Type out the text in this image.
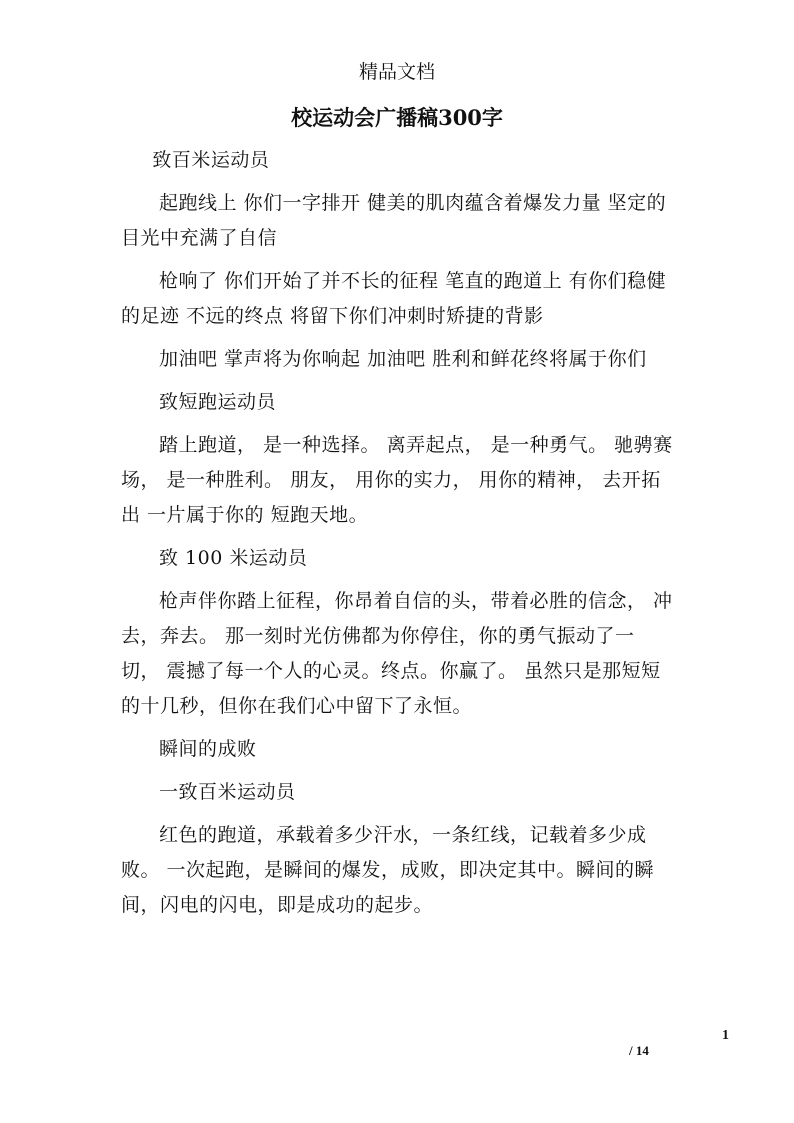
精品文档
校运动会广播稿300字

致百米运动员

起跑线上 你们一字排开 健美的肌肉蕴含着爆发力量 坚定的目光中充满了自信

枪响了 你们开始了并不长的征程 笔直的跑道上 有你们稳健的足迹 不远的终点 将留下你们冲刺时矫捷的背影

加油吧 掌声将为你响起 加油吧 胜利和鲜花终将属于你们

致短跑运动员

踏上跑道， 是一种选择。 离弄起点， 是一种勇气。 驰骋赛场， 是一种胜利。 朋友， 用你的实力， 用你的精神， 去开拓出 一片属于你的 短跑天地。

致 100 米运动员

枪声伴你踏上征程，你昂着自信的头，带着必胜的信念， 冲去，奔去。 那一刻时光仿佛都为你停住，你的勇气振动了一切， 震撼了每一个人的心灵。终点。你赢了。 虽然只是那短短的十几秒，但你在我们心中留下了永恒。

瞬间的成败

一致百米运动员

红色的跑道，承载着多少汗水，一条红线，记载着多少成败。 一次起跑，是瞬间的爆发，成败，即决定其中。瞬间的瞬间，闪电的闪电，即是成功的起步。

1
/ 14
